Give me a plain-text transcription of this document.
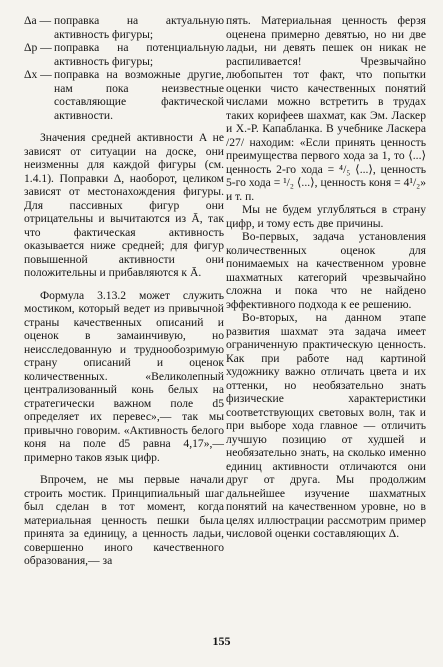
Δа — поправка на актуальную активность фигуры;
Δр — поправка на потенциальную активность фигуры;
Δх — поправка на возможные другие, нам пока неизвестные составляющие фактической активности.

Значения средней активности A не зависят от ситуации на доске, они неизменны для каждой фигуры (см. 1.4.1). Поправки Δ, наоборот, целиком зависят от местонахождения фигуры. Для пассивных фигур они отрицательны и вычитаются из Ā, так что фактическая активность оказывается ниже средней; для фигур повышенной активности они положительны и прибавляются к Ā.

Формула 3.13.2 может служить мостиком, который ведет из привычной страны качественных описаний и оценок в замаинчивую, но неисследованную и труднообозримую страну описаний и оценок количественных. «Великолепный централизованный конь белых на стратегически важном поле d5 определяет их перевес»,— так мы привычно говорим. «Активность белого коня на поле d5 равна 4,17»,— примерно таков язык цифр.

Впрочем, не мы первые начали строить мостик. Принципиальный шаг был сделан в тот момент, когда материальная ценность пешки была принята за единицу, а ценность ладьи, совершенно иного качественного образования,— за

пять. Материальная ценность ферзя оценена примерно девятью, но ни две ладьи, ни девять пешек он никак не распиливается! Чрезвычайно любопытен тот факт, что попытки оценки чисто качественных понятий числами можно встретить в трудах таких корифеев шахмат, как Эм. Ласкер и Х.-Р. Капабланка. В учебнике Ласкера /27/ находим: «Если принять ценность преимущества первого хода за 1, то ⟨...⟩ ценность 2-го хода = ⁴/₅ ⟨...⟩, ценность 5-го хода = ¹/₂ ⟨...⟩, ценность коня = 4¹/₂» и т. п.

Мы не будем углубляться в страну цифр, и тому есть две причины.

Во-первых, задача установления количественных оценок для понимаемых на качественном уровне шахматных категорий чрезвычайно сложна и пока что не найдено эффективного подхода к ее решению.

Во-вторых, на данном этапе развития шахмат эта задача имеет ограниченную практическую ценность. Как при работе над картиной художнику важно отличать цвета и их оттенки, но необязательно знать физические характеристики соответствующих световых волн, так и при выборе хода главное — отличить лучшую позицию от худшей и необязательно знать, на сколько именно единиц активности отличаются они друг от друга. Мы продолжим дальнейшее изучение шахматных понятий на качественном уровне, но в целях иллюстрации рассмотрим пример числовой оценки составляющих Δ.

155
